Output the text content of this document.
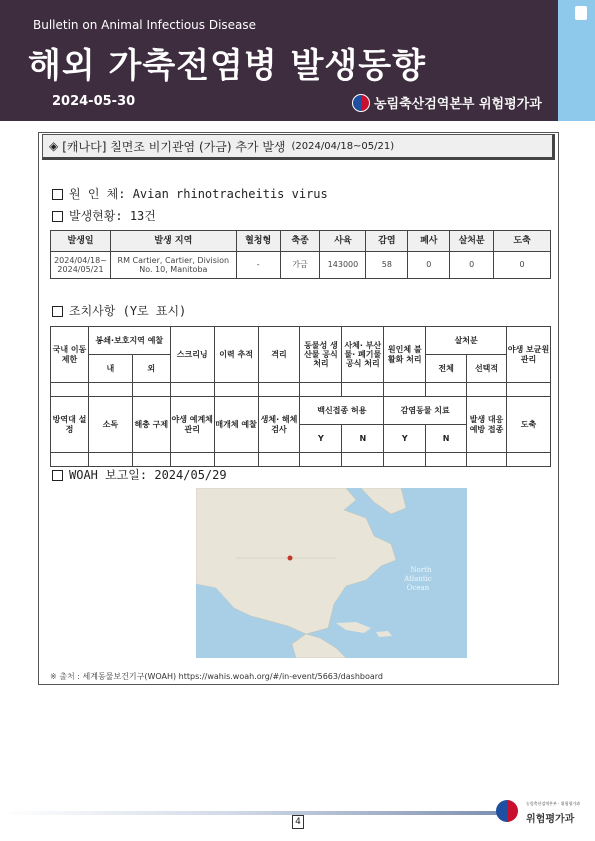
Bulletin on Animal Infectious Disease
해외 가축전염병 발생동향
2024-05-30	농림축산검역본부 위험평가과
◈ [캐나다] 칠면조 비기관염 (가금) 추가 발생 (2024/04/18~05/21)
원 인 체: Avian rhinotracheitis virus
발생현황: 13건
발생일	발생 지역	혈청형	축종	사육	감염	폐사	살처분	도축
2024/04/18~ 2024/05/21	RM Cartier, Cartier, Division No. 10, Manitoba	-	가금	143000	58	0	0	0
조치사항 (Y로 표시)
국내 이동 제한	봉쇄·보호지역 예찰		스크리닝	이력 추적	격리	동물성 생산물 공식 처리	사체· 부산물· 폐기물 공식 처리	원인체 불활화 처리	살처분		야생 보균원 관리
	내	외							전체	선택적	

방역대 설정	소독	해충 구제	야생 예계체 관리	매개체 예찰	생체· 해체 검사	백신접종 허용		감염동물 치료		발생 대응 예방 접종	도축
						Y	N	Y	N		

WOAH 보고일: 2024/05/29
North
Atlantic
Ocean
※ 출처 : 세계동물보건기구(WOAH) https://wahis.woah.org/#/in-event/5663/dashboard
4
농림축산검역본부 · 위험평가과
위험평가과
